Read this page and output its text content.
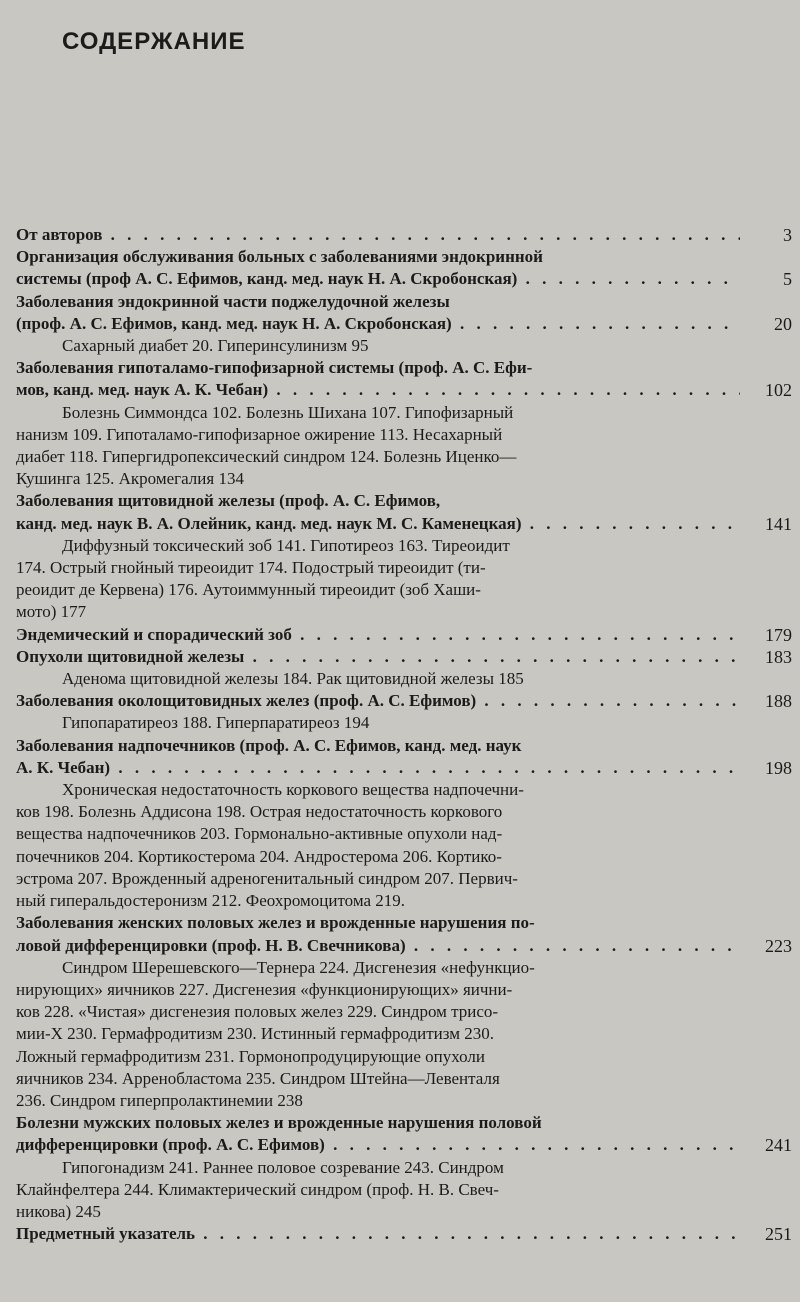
СОДЕРЖАНИЕ
От авторов . . .	3
Организация обслуживания больных с заболеваниями эндокринной
системы (проф А. С. Ефимов, канд. мед. наук Н. А. Скробонская) . . .	5
Заболевания эндокринной части поджелудочной железы
(проф. А. С. Ефимов, канд. мед. наук Н. А. Скробонская) . . .	20
Сахарный диабет 20. Гиперинсулинизм 95
Заболевания гипоталамо-гипофизарной системы (проф. А. С. Ефи-
мов, канд. мед. наук А. К. Чебан) . . .	102
Болезнь Симмондса 102. Болезнь Шихана 107. Гипофизарный
нанизм 109. Гипоталамо-гипофизарное ожирение 113. Несахарный
диабет 118. Гипергидропексический синдром 124. Болезнь Иценко—
Кушинга 125. Акромегалия 134
Заболевания щитовидной железы (проф. А. С. Ефимов,
канд. мед. наук В. А. Олейник, канд. мед. наук М. С. Каменецкая) . . .	141
Диффузный токсический зоб 141. Гипотиреоз 163. Тиреоидит
174. Острый гнойный тиреоидит 174. Подострый тиреоидит (ти-
реоидит де Кервена) 176. Аутоиммунный тиреоидит (зоб Хаши-
мото) 177
Эндемический и спорадический зоб . . .	179
Опухоли щитовидной железы . . .	183
Аденома щитовидной железы 184. Рак щитовидной железы 185
Заболевания околощитовидных желез (проф. А. С. Ефимов) . . .	188
Гипопаратиреоз 188. Гиперпаратиреоз 194
Заболевания надпочечников (проф. А. С. Ефимов, канд. мед. наук
А. К. Чебан) . . .	198
Хроническая недостаточность коркового вещества надпочечни-
ков 198. Болезнь Аддисона 198. Острая недостаточность коркового
вещества надпочечников 203. Гормонально-активные опухоли над-
почечников 204. Кортикостерома 204. Андростерома 206. Кортико-
эстрома 207. Врожденный адреногенитальный синдром 207. Первич-
ный гиперальдостеронизм 212. Феохромоцитома 219.
Заболевания женских половых желез и врожденные нарушения по-
ловой дифференцировки (проф. Н. В. Свечникова) . . .	223
Синдром Шерешевского—Тернера 224. Дисгенезия «нефункцио-
нирующих» яичников 227. Дисгенезия «функционирующих» яични-
ков 228. «Чистая» дисгенезия половых желез 229. Синдром трисо-
мии-Х 230. Гермафродитизм 230. Истинный гермафродитизм 230.
Ложный гермафродитизм 231. Гормонопродуцирующие опухоли
яичников 234. Арренобластома 235. Синдром Штейна—Левенталя
236. Синдром гиперпролактинемии 238
Болезни мужских половых желез и врожденные нарушения половой
дифференцировки (проф. А. С. Ефимов) . . .	241
Гипогонадизм 241. Раннее половое созревание 243. Синдром
Клайнфелтера 244. Климактерический синдром (проф. Н. В. Свеч-
никова) 245
Предметный указатель . . .	251
